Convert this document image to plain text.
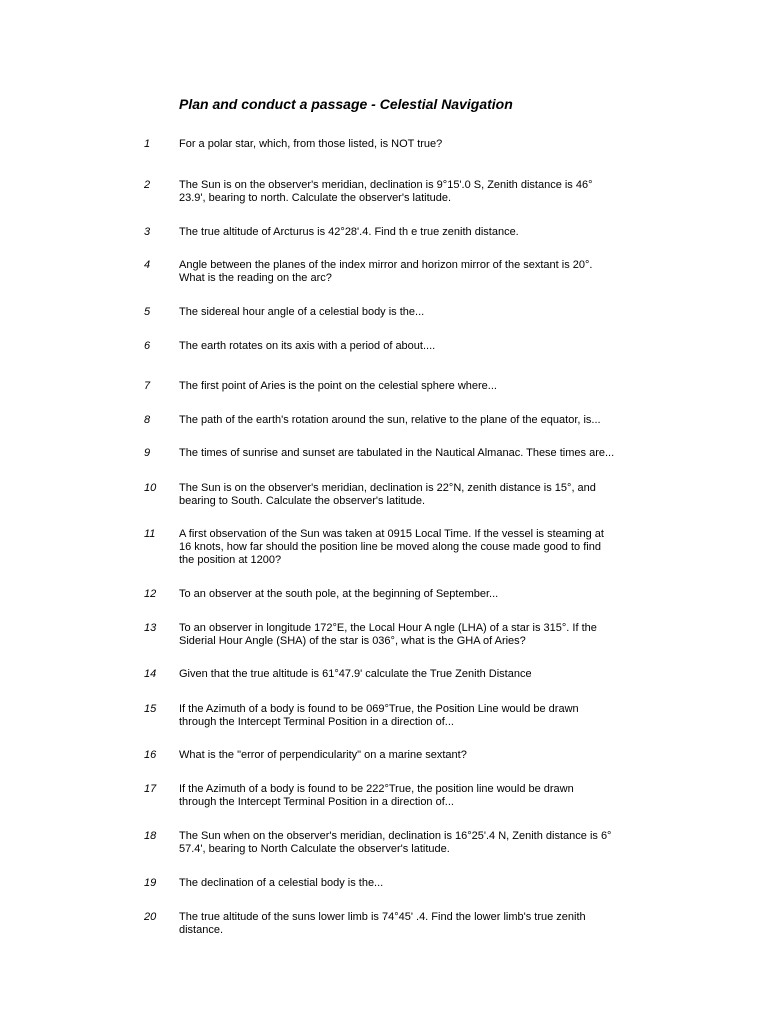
Plan and conduct a passage - Celestial Navigation
1	For a polar star, which, from those listed, is NOT true?
2	The Sun is on the observer's meridian, declination is 9°15'.0 S, Zenith distance is 46°
23.9', bearing to north. Calculate the observer's latitude.
3	The true altitude of Arcturus is 42°28'.4. Find th e true zenith distance.
4	Angle between the planes of the index mirror and horizon mirror of the sextant is 20°.
What is the reading on the arc?
5	The sidereal hour angle of a celestial body is the...
6	The earth rotates on its axis with a period of about....
7	The first point of Aries is the point on the celestial sphere where...
8	The path of the earth's rotation around the sun, relative to the plane of the equator, is...
9	The times of sunrise and sunset are tabulated in the Nautical Almanac. These times are...
10 The Sun is on the observer's meridian, declination is 22°N, zenith distance is 15°, and
bearing to South. Calculate the observer's latitude.
11 A first observation of the Sun was taken at 0915 Local Time. If the vessel is steaming at
16 knots, how far should the position line be moved along the couse made good to find
the position at 1200?
12 To an observer at the south pole, at the beginning of September...
13 To an observer in longitude 172°E, the Local Hour A ngle (LHA) of a star is 315°. If the
Siderial Hour Angle (SHA) of the star is 036°, what is the GHA of Aries?
14 Given that the true altitude is 61°47.9' calculate the True Zenith Distance
15 If the Azimuth of a body is found to be 069°True, the Position Line would be drawn
through the Intercept Terminal Position in a direction of...
16 What is the "error of perpendicularity" on a marine sextant?
17 If the Azimuth of a body is found to be 222°True, the position line would be drawn
through the Intercept Terminal Position in a direction of...
18 The Sun when on the observer's meridian, declination is 16°25'.4 N, Zenith distance is 6°
57.4', bearing to North Calculate the observer's latitude.
19 The declination of a celestial body is the...
20 The true altitude of the suns lower limb is 74°45' .4. Find the lower limb's true zenith
distance.
